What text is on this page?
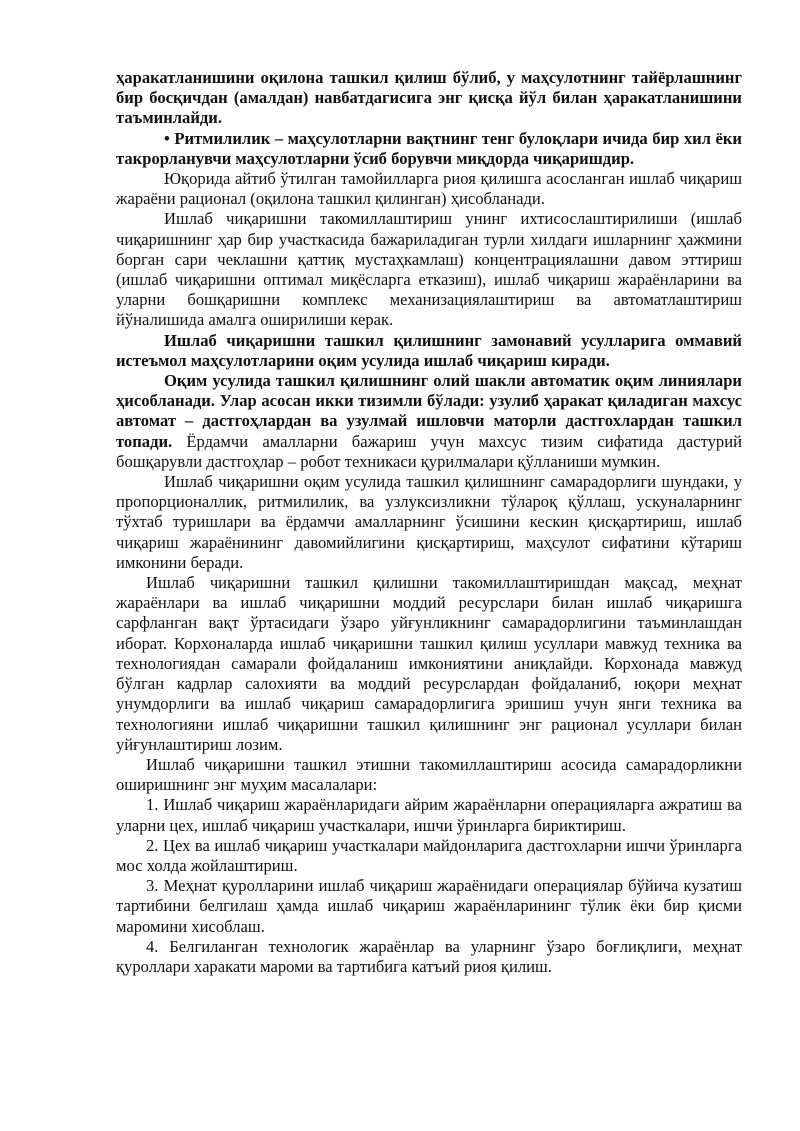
ҳаракатланишини оқилона ташкил қилиш бўлиб, у маҳсулотнинг тайёрлашнинг бир босқичдан (амалдан) навбатдагисига энг қисқа йўл билан ҳаракатланишини таъминлайди.

• Ритмилилик – маҳсулотларни вақтнинг тенг булоқлари ичида бир хил ёки такрорланувчи маҳсулотларни ўсиб борувчи миқдорда чиқаришдир.

Юқорида айтиб ўтилган тамойилларга риоя қилишга асосланган ишлаб чиқариш жараёни рационал (оқилона ташкил қилинган) ҳисобланади.

Ишлаб чиқаришни такомиллаштириш унинг ихтисослаштирилиши (ишлаб чиқаришнинг ҳар бир участкасида бажариладиган турли хилдаги ишларнинг ҳажмини борган сари чеклашни қаттиқ мустаҳкамлаш) концентрациялашни давом эттириш (ишлаб чиқаришни оптимал миқёсларга етказиш), ишлаб чиқариш жараёнларини ва уларни бошқаришни комплекс механизациялаштириш ва автоматлаштириш йўналишида амалга оширилиши керак.

Ишлаб чиқаришни ташкил қилишнинг замонавий усулларига оммавий истеъмол маҳсулотларини оқим усулида ишлаб чиқариш киради.

Оқим усулида ташкил қилишнинг олий шакли автоматик оқим линиялари ҳисобланади. Улар асосан икки тизимли бўлади: узулиб ҳаракат қиладиган махсус автомат – дастгоҳлардан ва узулмай ишловчи маторли дастгохлардан ташкил топади. Ёрдамчи амалларни бажариш учун махсус тизим сифатида дастурий бошқарувли дастгоҳлар – робот техникаси қурилмалари қўлланиши мумкин.

Ишлаб чиқаришни оқим усулида ташкил қилишнинг самарадорлиги шундаки, у пропорционаллик, ритмилилик, ва узлуксизликни тўлароқ қўллаш, ускуналарнинг тўхтаб туришлари ва ёрдамчи амалларнинг ўсишини кескин қисқартириш, ишлаб чиқариш жараёнининг давомийлигини қисқартириш, маҳсулот сифатини кўтариш имконини беради.

Ишлаб чиқаришни ташкил қилишни такомиллаштиришдан мақсад, меҳнат жараёнлари ва ишлаб чиқаришни моддий ресурслари билан ишлаб чиқаришга сарфланган вақт ўртасидаги ўзаро уйғунликнинг самарадорлигини таъминлашдан иборат. Корхоналарда ишлаб чиқаришни ташкил қилиш усуллари мавжуд техника ва технологиядан самарали фойдаланиш имкониятини аниқлайди. Корхонада мавжуд бўлган кадрлар салохияти ва моддий ресурслардан фойдаланиб, юқори меҳнат унумдорлиги ва ишлаб чиқариш самарадорлигига эришиш учун янги техника ва технологияни ишлаб чиқаришни ташкил қилишнинг энг рационал усуллари билан уйғунлаштириш лозим.

Ишлаб чиқаришни ташкил этишни такомиллаштириш асосида самарадорликни оширишнинг энг муҳим масалалари:

1. Ишлаб чиқариш жараёнларидаги айрим жараёнларни операцияларга ажратиш ва уларни цех, ишлаб чиқариш участкалари, ишчи ўринларга бириктириш.

2. Цех ва ишлаб чиқариш участкалари майдонларига дастгохларни ишчи ўринларга мос холда жойлаштириш.

3. Меҳнат қуролларини ишлаб чиқариш жараёнидаги операциялар бўйича кузатиш тартибини белгилаш ҳамда ишлаб чиқариш жараёнларининг тўлик ёки бир қисми маромини хисоблаш.

4. Белгиланган технологик жараёнлар ва уларнинг ўзаро боғлиқлиги, меҳнат қуроллари харакати мароми ва тартибига катъий риоя қилиш.
